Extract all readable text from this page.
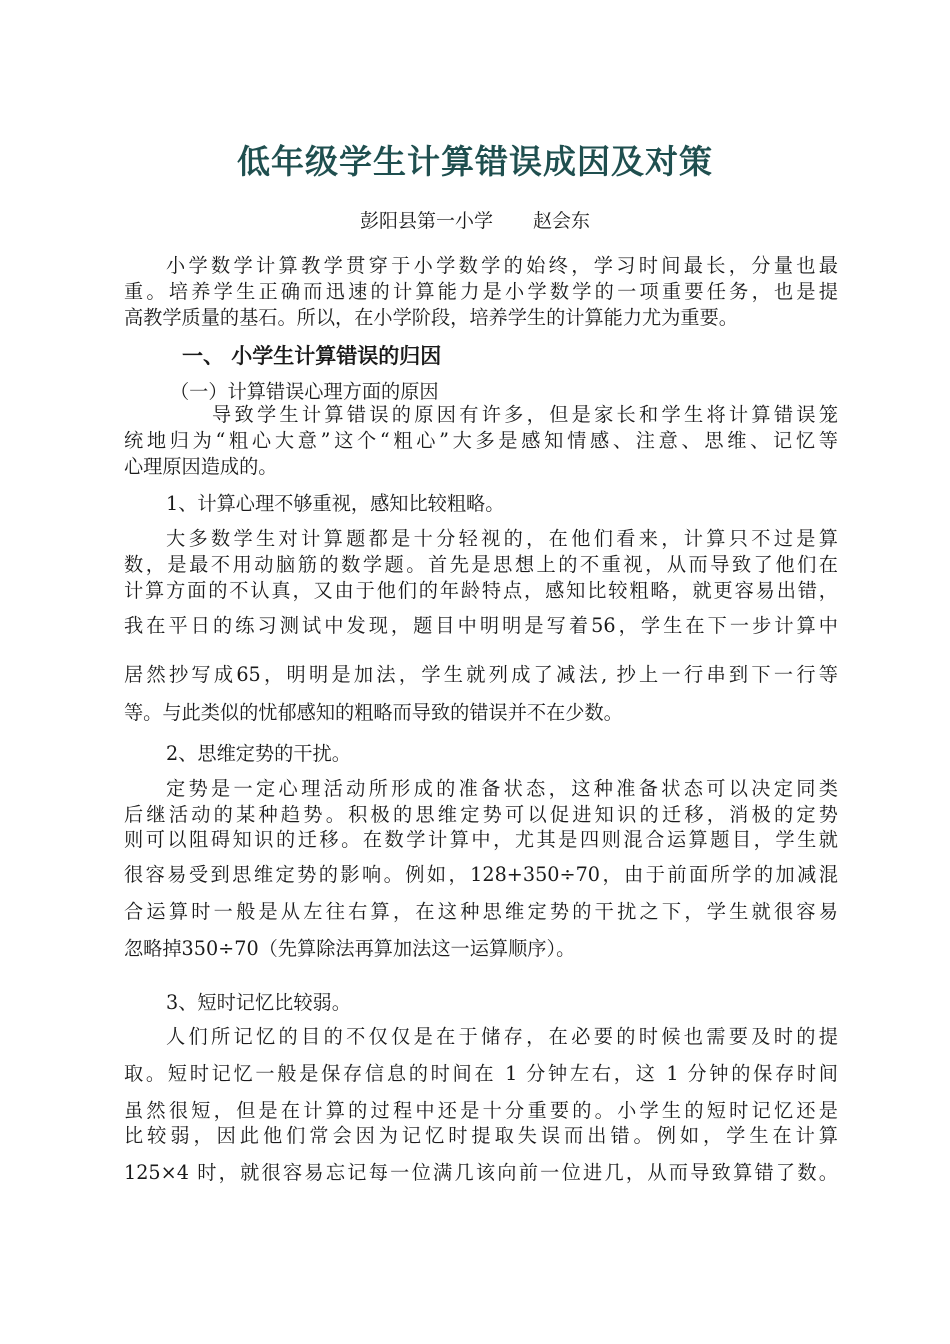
低年级学生计算错误成因及对策
彭阳县第一小学 赵会东
小学数学计算教学贯穿于小学数学的始终，学习时间最长，分量也最
重。培养学生正确而迅速的计算能力是小学数学的一项重要任务，也是提
高教学质量的基石。所以，在小学阶段，培养学生的计算能力尤为重要。
一、 小学生计算错误的归因
（一）计算错误心理方面的原因
导致学生计算错误的原因有许多，但是家长和学生将计算错误笼
统地归为“粗心大意”这个“粗心”大多是感知情感、注意、思维、记忆等
心理原因造成的。
1、计算心理不够重视，感知比较粗略。
大多数学生对计算题都是十分轻视的，在他们看来，计算只不过是算
数，是最不用动脑筋的数学题。首先是思想上的不重视，从而导致了他们在
计算方面的不认真，又由于他们的年龄特点，感知比较粗略，就更容易出错，
我在平日的练习测试中发现，题目中明明是写着56，学生在下一步计算中
居然抄写成65，明明是加法，学生就列成了减法, 抄上一行串到下一行等
等。与此类似的忧郁感知的粗略而导致的错误并不在少数。
2、思维定势的干扰。
定势是一定心理活动所形成的准备状态，这种准备状态可以决定同类
后继活动的某种趋势。积极的思维定势可以促进知识的迁移，消极的定势
则可以阻碍知识的迁移。在数学计算中，尤其是四则混合运算题目，学生就
很容易受到思维定势的影响。例如，128+350÷70，由于前面所学的加减混
合运算时一般是从左往右算，在这种思维定势的干扰之下，学生就很容易
忽略掉350÷70（先算除法再算加法这一运算顺序）。
3、短时记忆比较弱。
人们所记忆的目的不仅仅是在于储存，在必要的时候也需要及时的提
取。短时记忆一般是保存信息的时间在 1 分钟左右，这 1 分钟的保存时间
虽然很短，但是在计算的过程中还是十分重要的。小学生的短时记忆还是
比较弱，因此他们常会因为记忆时提取失误而出错。例如，学生在计算
125×4 时，就很容易忘记每一位满几该向前一位进几，从而导致算错了数。
